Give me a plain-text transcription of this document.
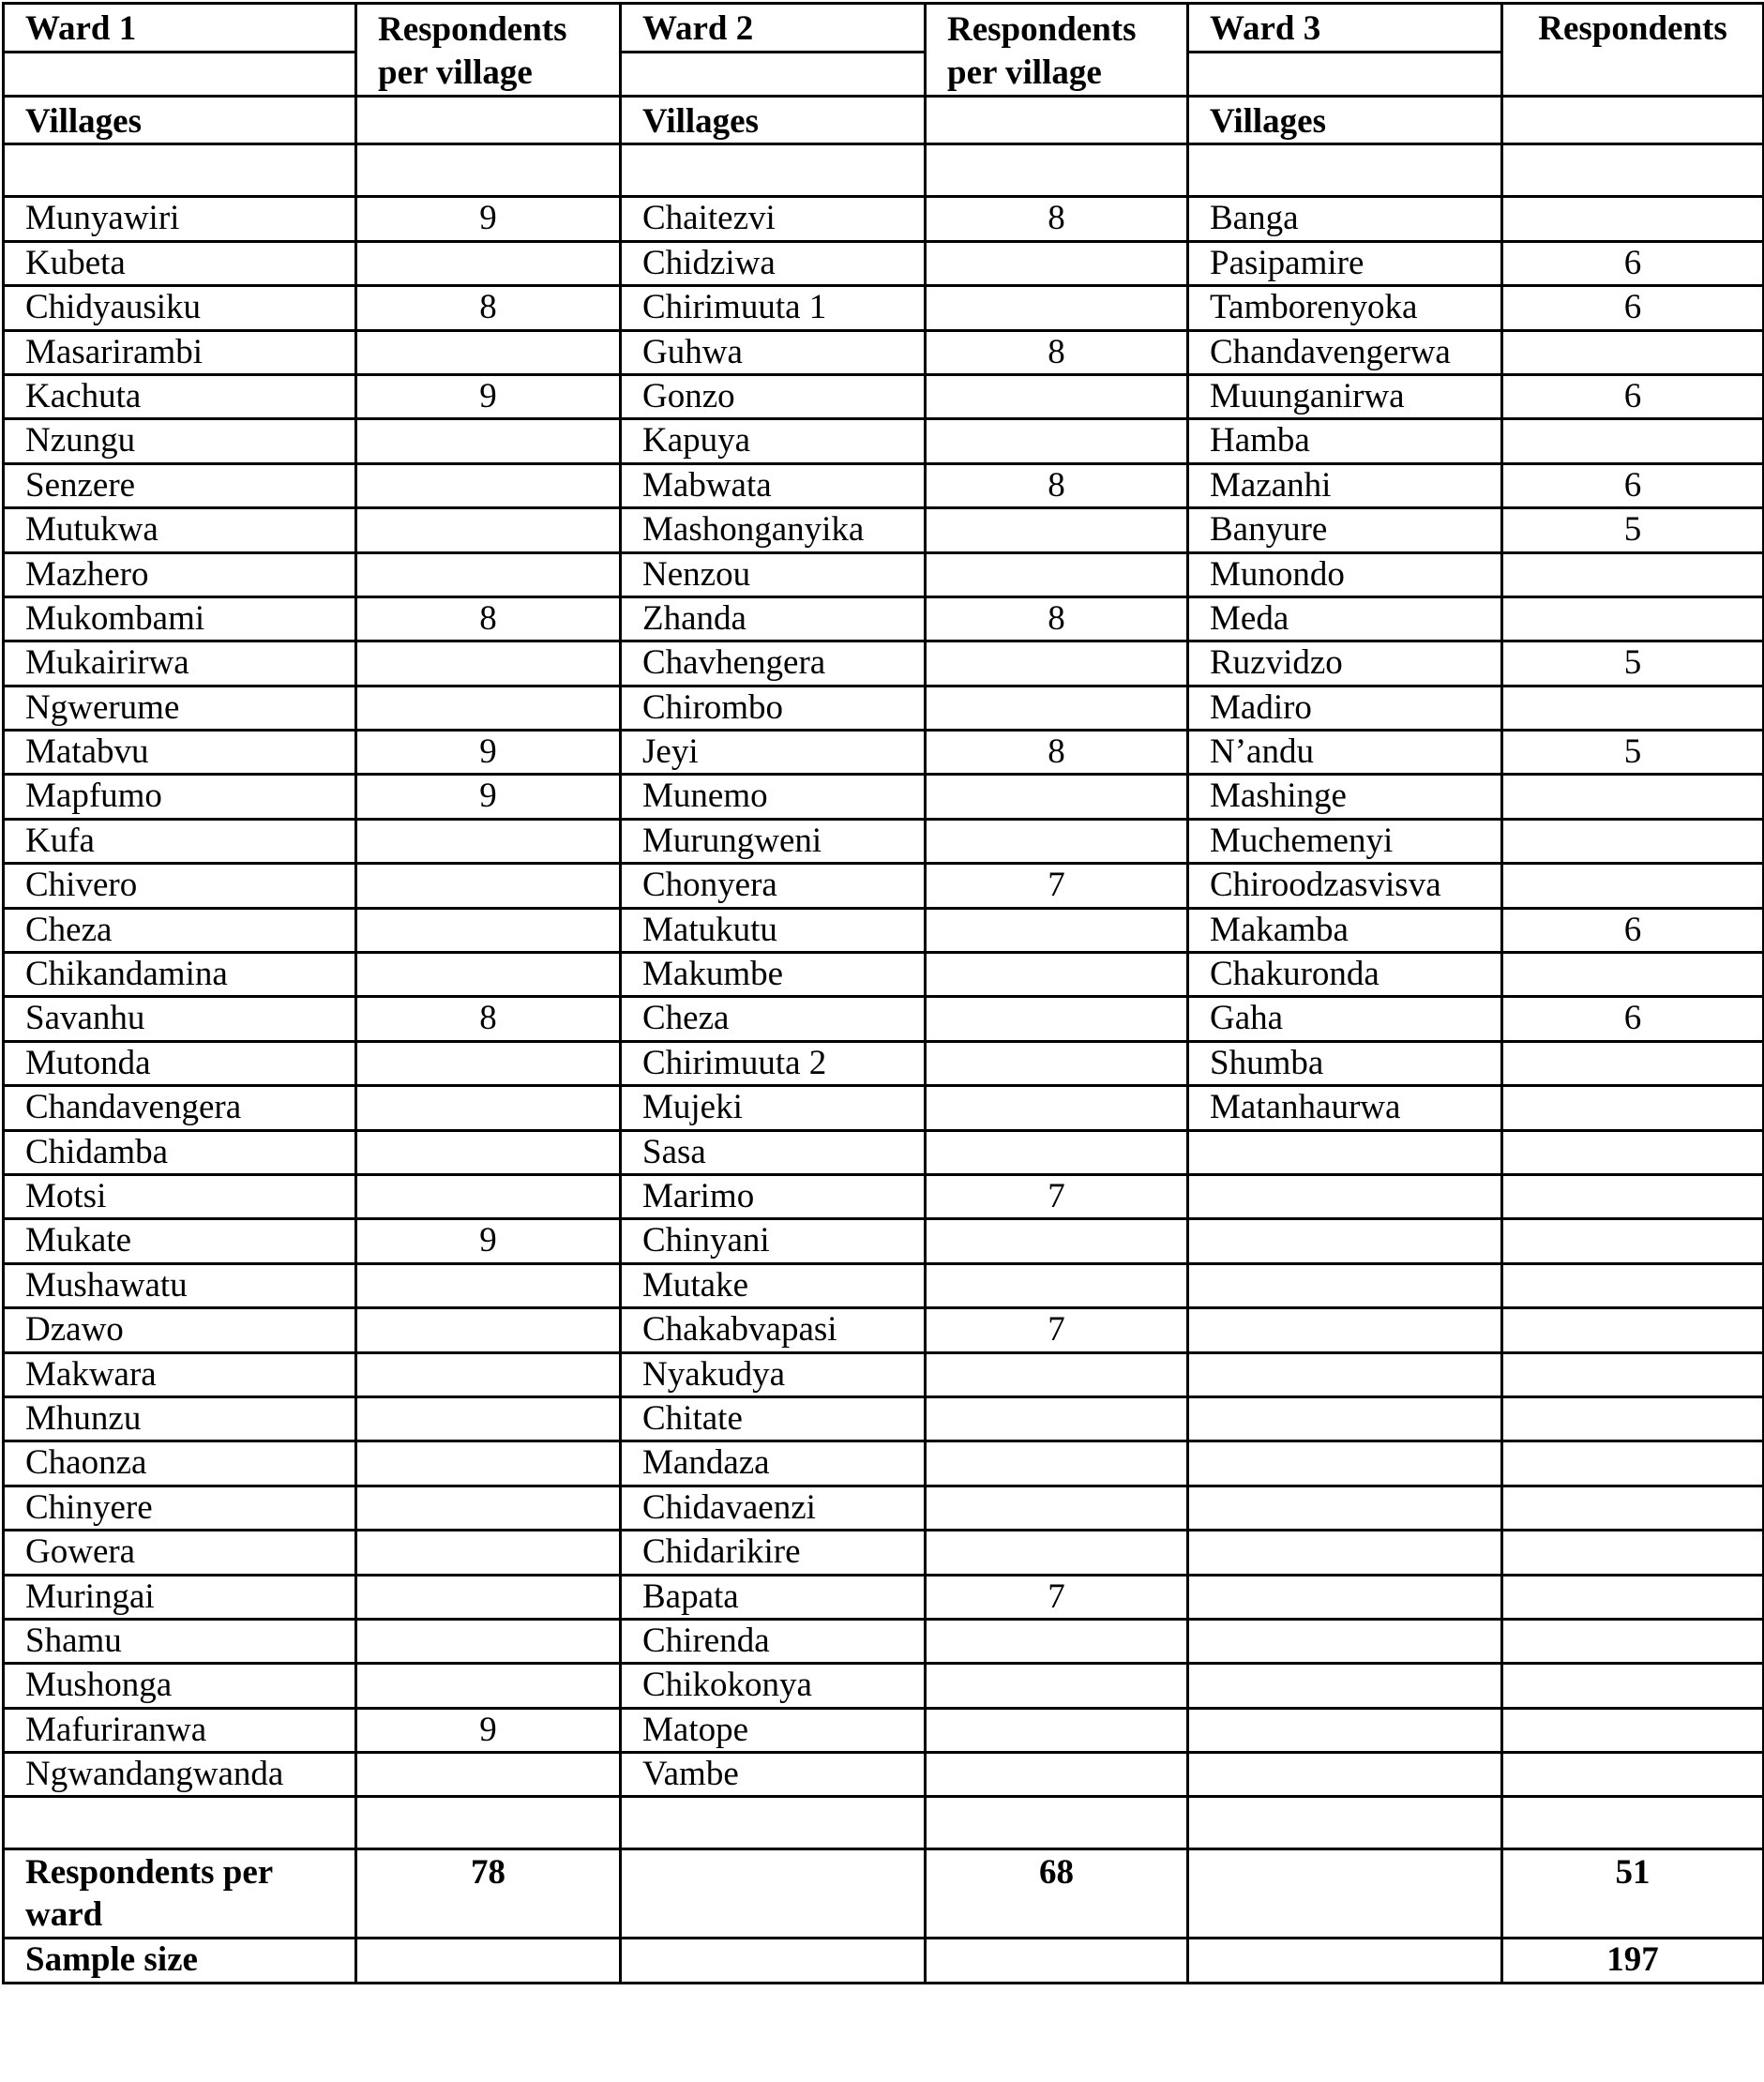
Ward 1	Respondents per village	Ward 2	Respondents per village	Ward 3	Respondents

Villages		Villages		Villages	

Munyawiri	9	Chaitezvi	8	Banga	
Kubeta		Chidziwa		Pasipamire	6
Chidyausiku	8	Chirimuuta 1		Tamborenyoka	6
Masarirambi		Guhwa	8	Chandavengerwa	
Kachuta	9	Gonzo		Muunganirwa	6
Nzungu		Kapuya		Hamba	
Senzere		Mabwata	8	Mazanhi	6
Mutukwa		Mashonganyika		Banyure	5
Mazhero		Nenzou		Munondo	
Mukombami	8	Zhanda	8	Meda	
Mukairirwa		Chavhengera		Ruzvidzo	5
Ngwerume		Chirombo		Madiro	
Matabvu	9	Jeyi	8	N’andu	5
Mapfumo	9	Munemo		Mashinge	
Kufa		Murungweni		Muchemenyi	
Chivero		Chonyera	7	Chiroodzasvisva	
Cheza		Matukutu		Makamba	6
Chikandamina		Makumbe		Chakuronda	
Savanhu	8	Cheza		Gaha	6
Mutonda		Chirimuuta 2		Shumba	
Chandavengera		Mujeki		Matanhaurwa	
Chidamba		Sasa			
Motsi		Marimo	7		
Mukate	9	Chinyani			
Mushawatu		Mutake			
Dzawo		Chakabvapasi	7		
Makwara		Nyakudya			
Mhunzu		Chitate			
Chaonza		Mandaza			
Chinyere		Chidavaenzi			
Gowera		Chidarikire			
Muringai		Bapata	7		
Shamu		Chirenda			
Mushonga		Chikokonya			
Mafuriranwa	9	Matope			
Ngwandangwanda		Vambe			

Respondents per ward	78		68		51
Sample size					197
